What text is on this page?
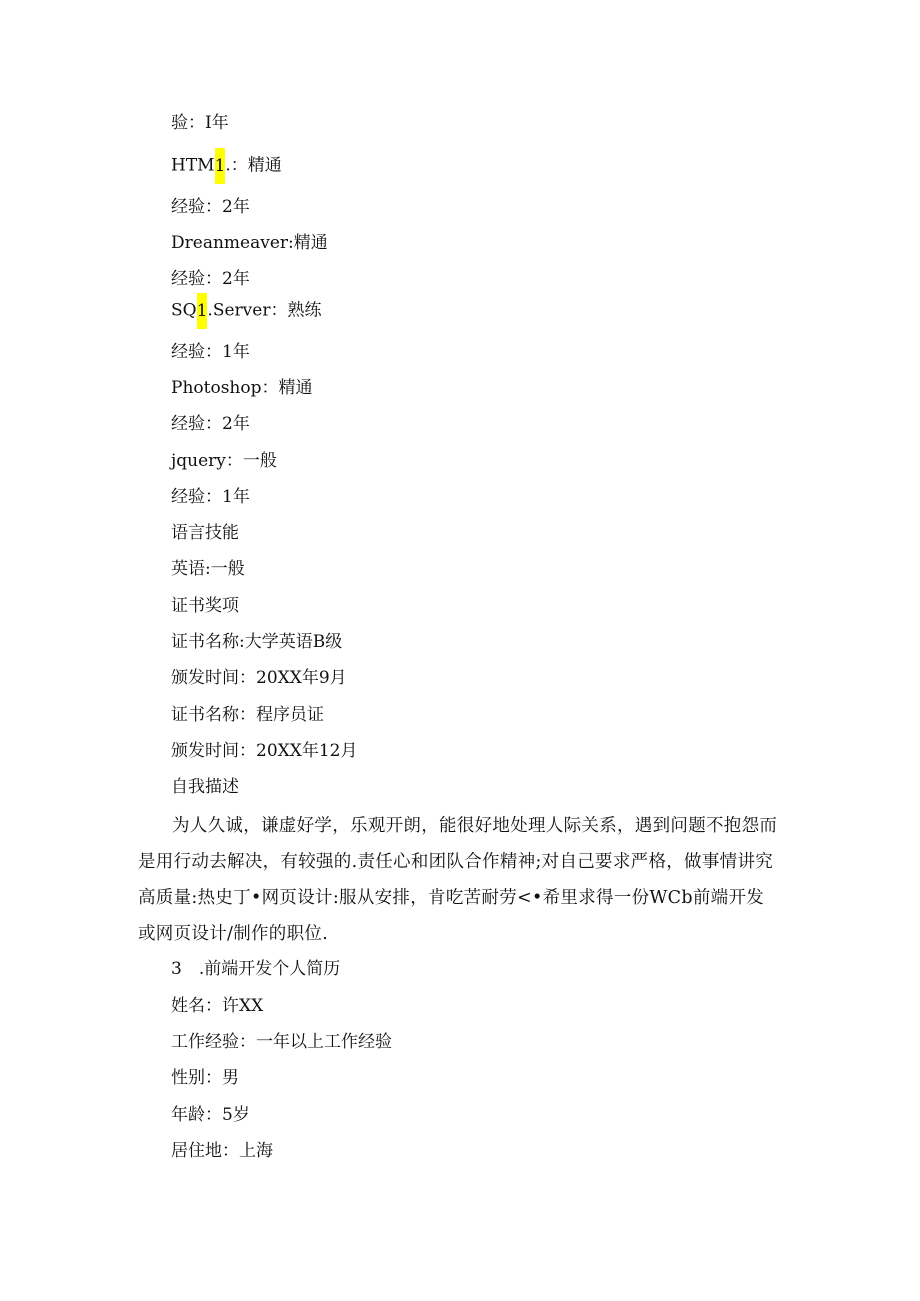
验：I年
HTM1.：精通
经验：2年
Dreanmeaver:精通
经验：2年
SQ1.Server：熟练
经验：1年
Photoshop：精通
经验：2年
jquery：一般
经验：1年
语言技能
英语:一般
证书奖项
证书名称:大学英语B级
颁发时间：20XX年9月
证书名称：程序员证
颁发时间：20XX年12月
自我描述
为人久诚，谦虚好学，乐观开朗，能很好地处理人际关系，遇到问题不抱怨而是用行动去解决，有较强的.责任心和团队合作精神;对自己要求严格，做事情讲究高质量:热史丁•网页设计:服从安排，肯吃苦耐劳<•希里求得一份WCb前端开发或网页设计/制作的职位.
3　.前端开发个人简历
姓名：许XX
工作经验：一年以上工作经验
性别：男
年龄：5岁
居住地：上海
